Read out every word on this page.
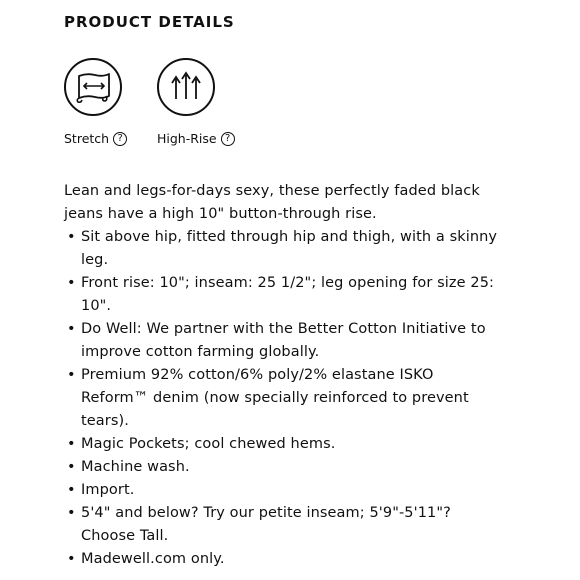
PRODUCT DETAILS
Stretch ?	High-Rise ?

Lean and legs-for-days sexy, these perfectly faded black jeans have a high 10" button-through rise.

• Sit above hip, fitted through hip and thigh, with a skinny leg.
• Front rise: 10"; inseam: 25 1/2"; leg opening for size 25: 10".
• Do Well: We partner with the Better Cotton Initiative to improve cotton farming globally.
• Premium 92% cotton/6% poly/2% elastane ISKO Reform™ denim (now specially reinforced to prevent tears).
• Magic Pockets; cool chewed hems.
• Machine wash.
• Import.
• 5'4" and below? Try our petite inseam; 5'9"-5'11"? Choose Tall.
• Madewell.com only.
